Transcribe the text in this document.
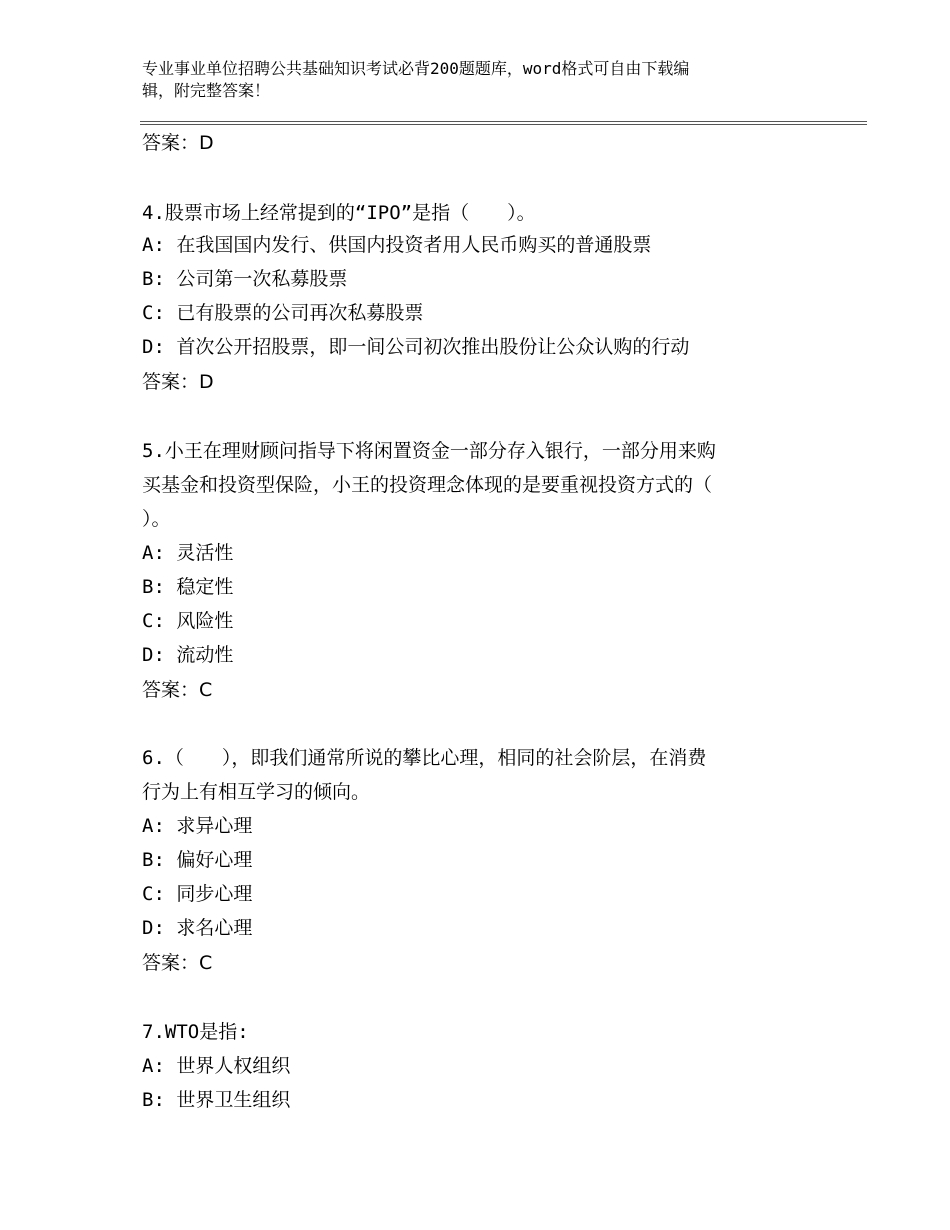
专业事业单位招聘公共基础知识考试必背200题题库，word格式可自由下载编
辑，附完整答案！
答案：D
4.股票市场上经常提到的“IPO”是指（　　）。
A: 在我国国内发行、供国内投资者用人民币购买的普通股票
B: 公司第一次私募股票
C: 已有股票的公司再次私募股票
D: 首次公开招股票，即一间公司初次推出股份让公众认购的行动
答案：D
5.小王在理财顾问指导下将闲置资金一部分存入银行，一部分用来购
买基金和投资型保险，小王的投资理念体现的是要重视投资方式的（
）。
A: 灵活性
B: 稳定性
C: 风险性
D: 流动性
答案：C
6.（　　），即我们通常所说的攀比心理，相同的社会阶层，在消费
行为上有相互学习的倾向。
A: 求异心理
B: 偏好心理
C: 同步心理
D: 求名心理
答案：C
7.WTO是指:
A: 世界人权组织
B: 世界卫生组织
